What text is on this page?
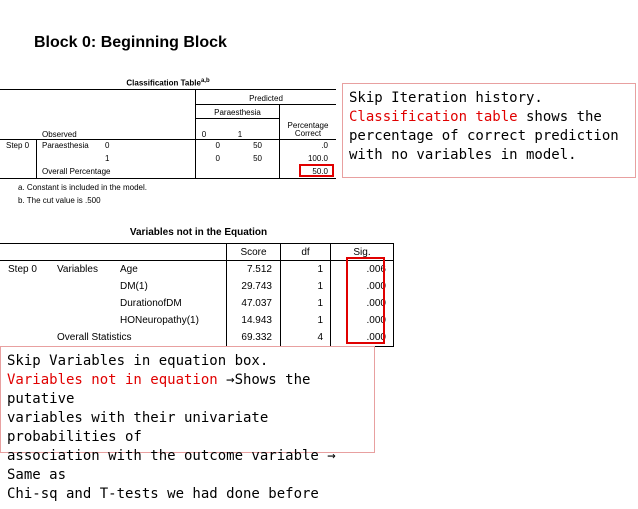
Block 0: Beginning Block
Classification Table$^{a,b}$
Predicted
Paraesthesia
Percentage
Correct
Observed	0	1
Step 0 Paraesthesia 0	0	50	.0
1	0	50	100.0
Overall Percentage	50.0
a. Constant is included in the model.
b. The cut value is .500
Variables not in the Equation
Score	df	Sig.
Step 0 Variables Age	7.512	1	.006
DM(1)	29.743	1	.000
DurationofDM	47.037	1	.000
HONeuropathy(1)	14.943	1	.000
Overall Statistics	69.332	4	.000
Skip Iteration history.
Classification table shows the
percentage of correct prediction
with no variables in model.
Skip Variables in equation box.
Variables not in equation →Shows the putative
variables with their univariate probabilities of
association with the outcome variable → Same as
Chi-sq and T-tests we had done before
